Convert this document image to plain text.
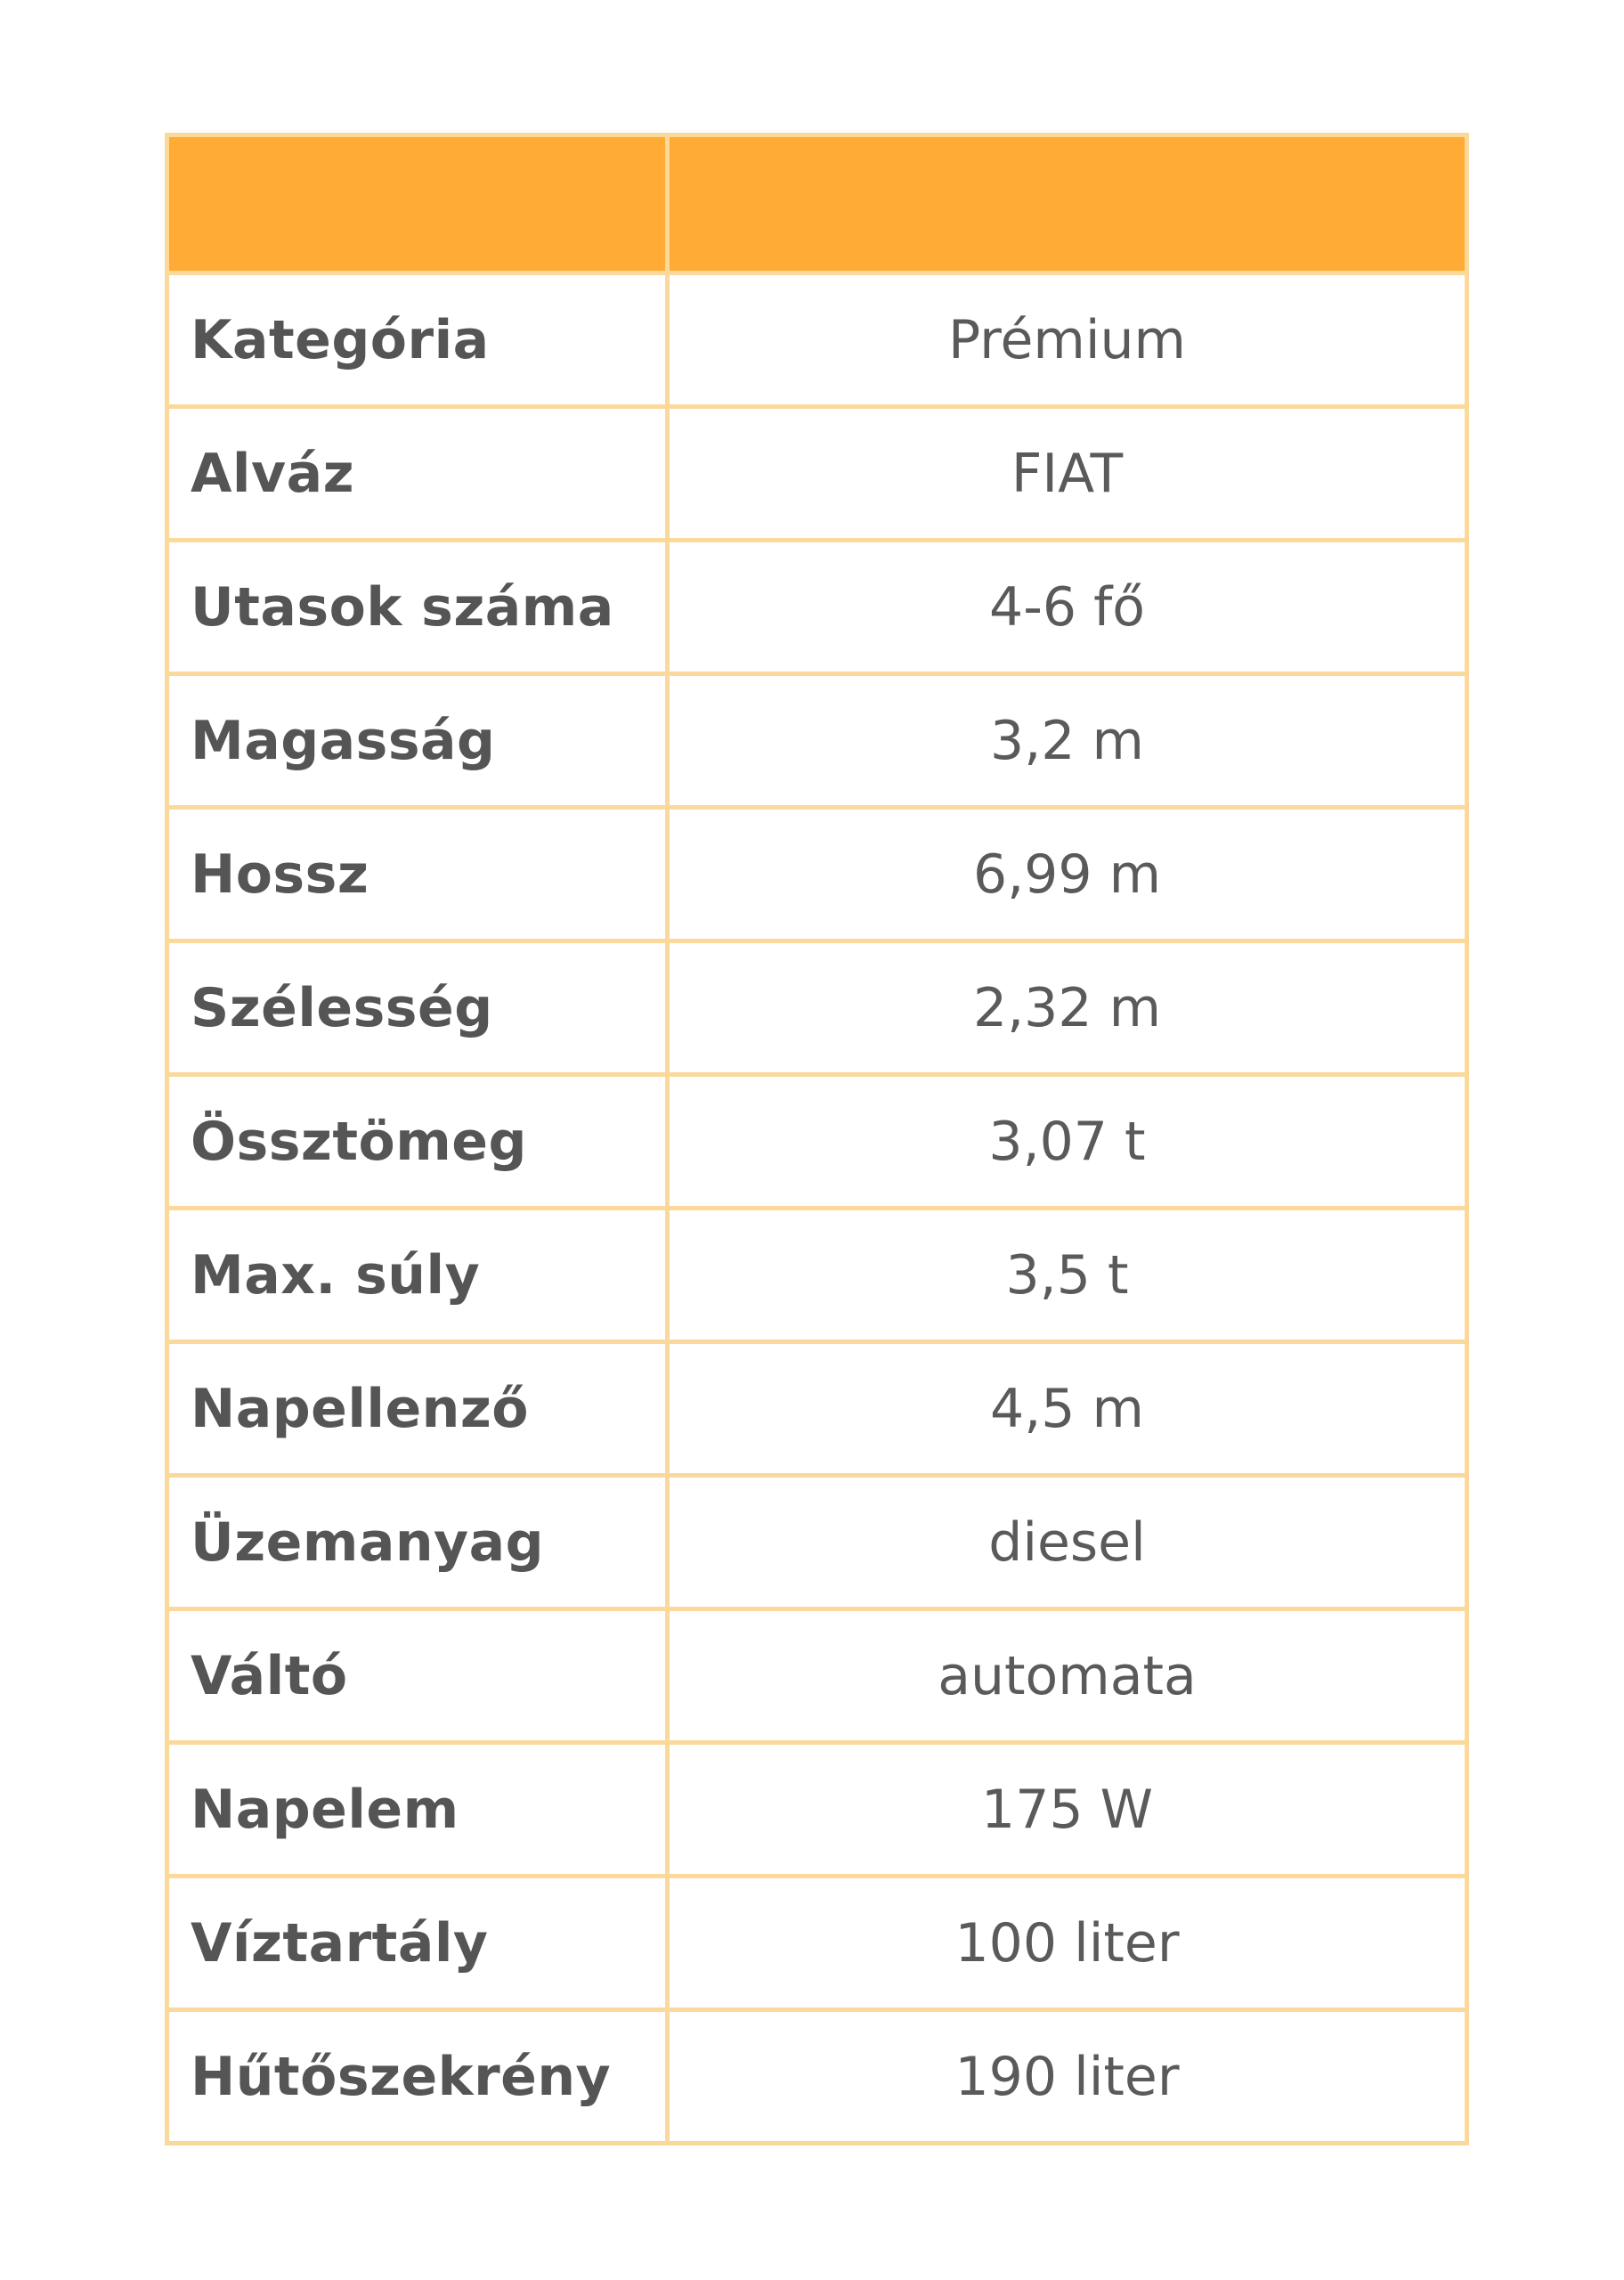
Kategória	Prémium
Alváz	FIAT
Utasok száma	4-6 fő
Magasság	3,2 m
Hossz	6,99 m
Szélesség	2,32 m
Össztömeg	3,07 t
Max. súly	3,5 t
Napellenző	4,5 m
Üzemanyag	diesel
Váltó	automata
Napelem	175 W
Víztartály	100 liter
Hűtőszekrény	190 liter
